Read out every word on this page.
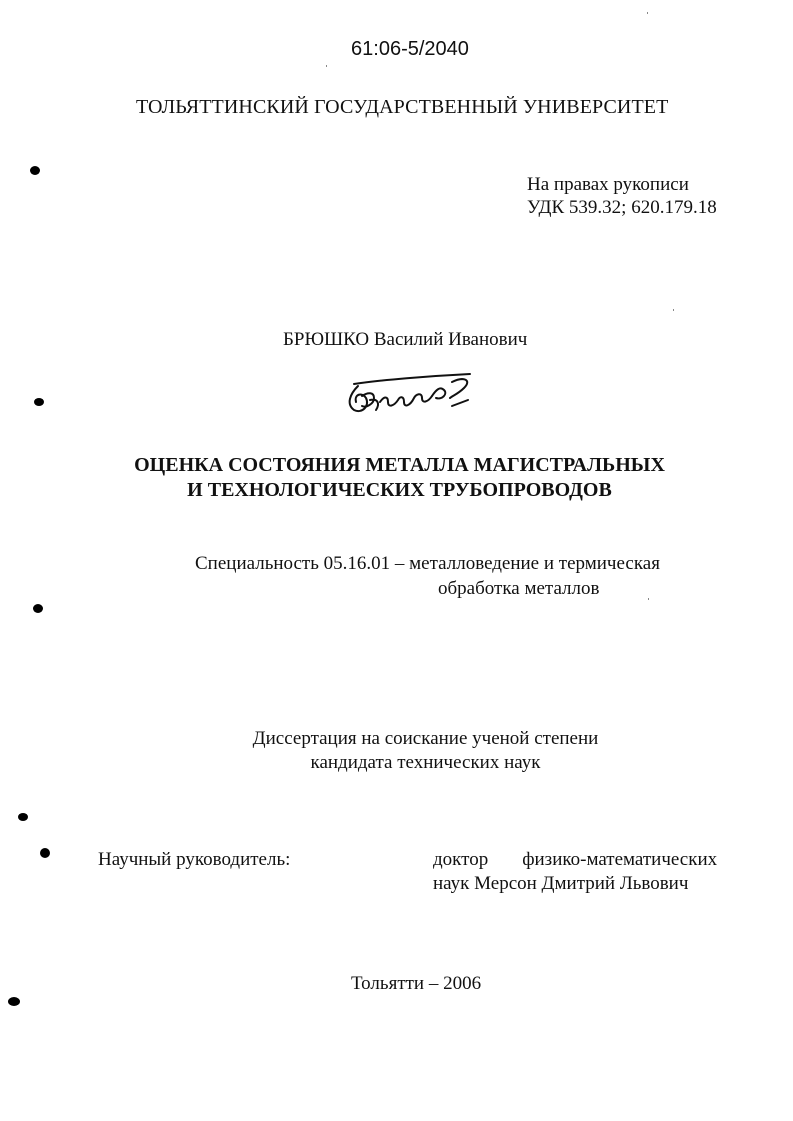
61:06-5/2040
ТОЛЬЯТТИНСКИЙ ГОСУДАРСТВЕННЫЙ УНИВЕРСИТЕТ
На правах рукописи
УДК 539.32; 620.179.18
БРЮШКО Василий Иванович
ОЦЕНКА СОСТОЯНИЯ МЕТАЛЛА МАГИСТРАЛЬНЫХ
И ТЕХНОЛОГИЧЕСКИХ ТРУБОПРОВОДОВ
Специальность 05.16.01 – металловедение и термическая
обработка металлов
Диссертация на соискание ученой степени
кандидата технических наук
Научный руководитель:	доктор физико-математических
наук Мерсон Дмитрий Львович
Тольятти – 2006
